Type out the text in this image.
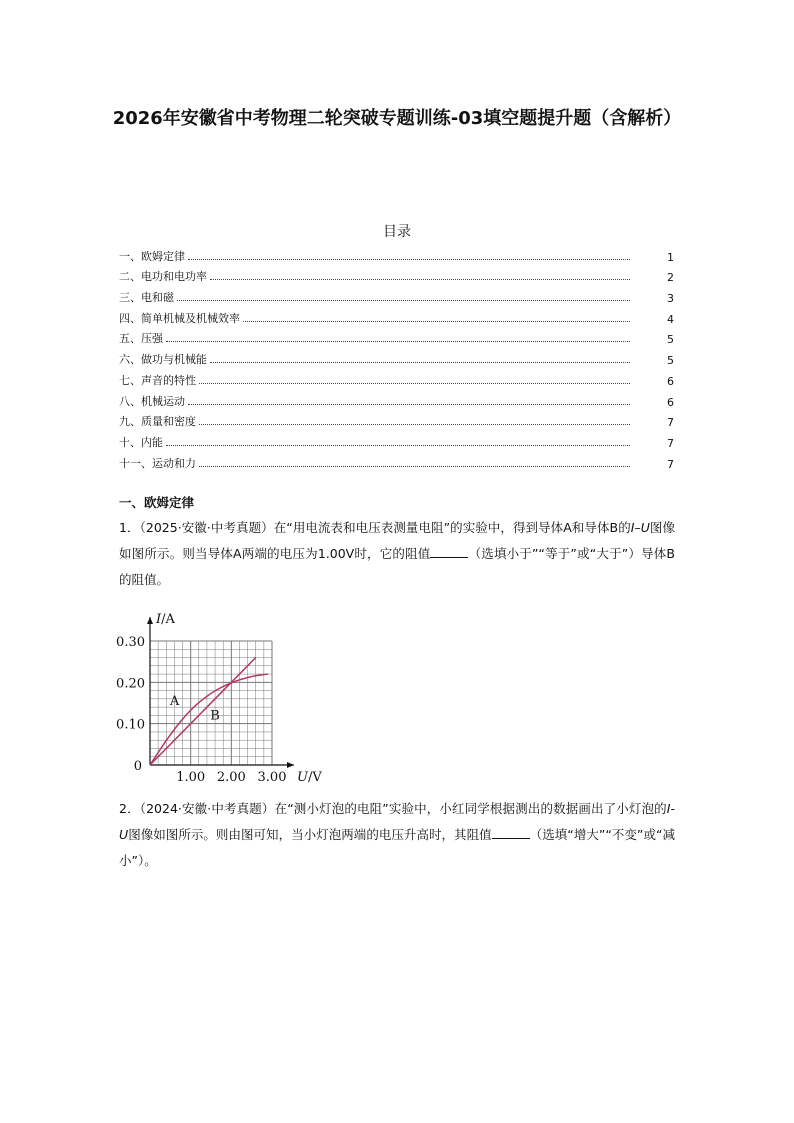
2026年安徽省中考物理二轮突破专题训练-03填空题提升题（含解析）
目录
一、欧姆定律	1
二、电功和电功率	2
三、电和磁	3
四、简单机械及机械效率	4
五、压强	5
六、做功与机械能	5
七、声音的特性	6
八、机械运动	6
九、质量和密度	7
十、内能	7
十一、运动和力	7
一、欧姆定律
1．（2025·安徽·中考真题）在“用电流表和电压表测量电阻”的实验中，得到导体A和导体B的I–U图像如图所示。则当导体A两端的电压为1.00V时，它的阻值	（选填小于”“等于”或“大于”）导体B的阻值。
1.00 2.00 3.00
0.30
0.20
0.10
0
U/V
I/A
A
B
2．（2024·安徽·中考真题）在“测小灯泡的电阻”实验中，小红同学根据测出的数据画出了小灯泡的I-U图像如图所示。则由图可知，当小灯泡两端的电压升高时，其阻值	（选填“增大”“不变”或“减小”）。
